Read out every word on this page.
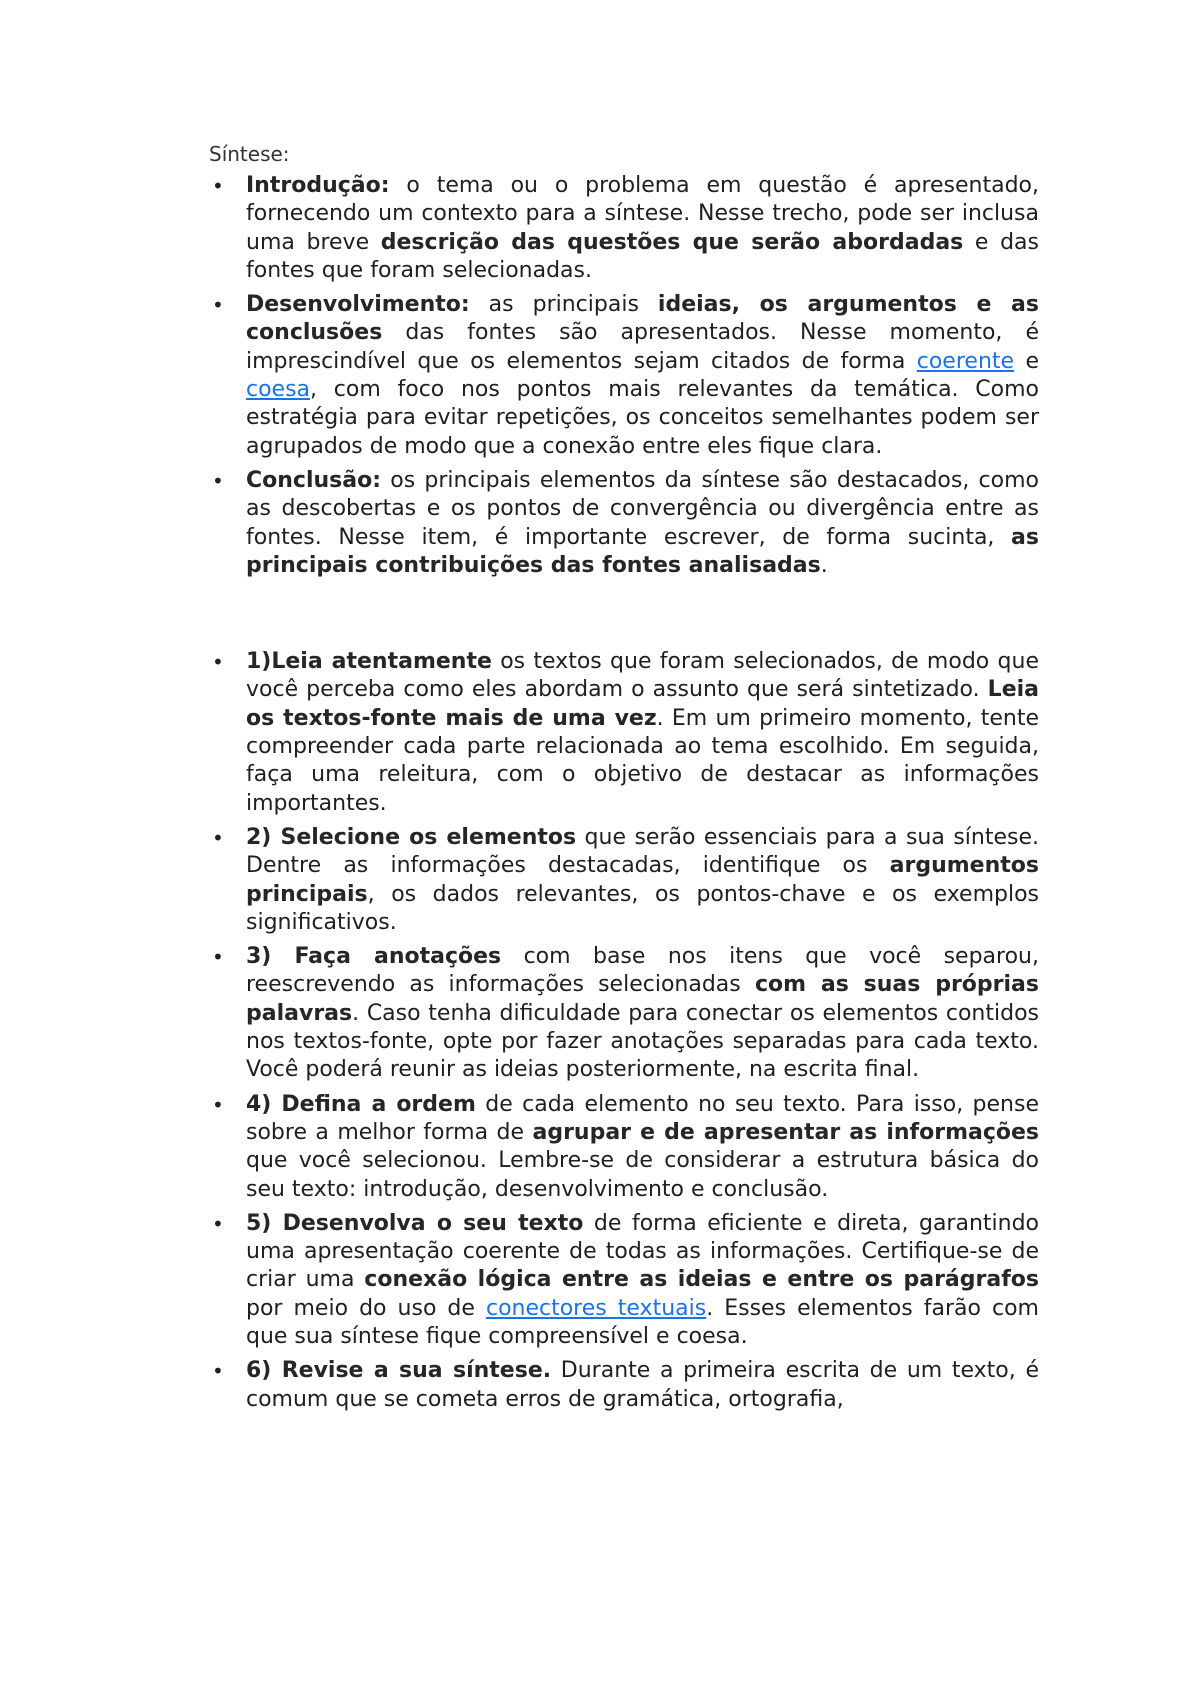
Síntese:
• Introdução: o tema ou o problema em questão é apresentado, fornecendo um contexto para a síntese. Nesse trecho, pode ser inclusa uma breve descrição das questões que serão abordadas e das fontes que foram selecionadas.
• Desenvolvimento: as principais ideias, os argumentos e as conclusões das fontes são apresentados. Nesse momento, é imprescindível que os elementos sejam citados de forma coerente e coesa, com foco nos pontos mais relevantes da temática. Como estratégia para evitar repetições, os conceitos semelhantes podem ser agrupados de modo que a conexão entre eles fique clara.
• Conclusão: os principais elementos da síntese são destacados, como as descobertas e os pontos de convergência ou divergência entre as fontes. Nesse item, é importante escrever, de forma sucinta, as principais contribuições das fontes analisadas.
• 1)Leia atentamente os textos que foram selecionados, de modo que você perceba como eles abordam o assunto que será sintetizado. Leia os textos-fonte mais de uma vez. Em um primeiro momento, tente compreender cada parte relacionada ao tema escolhido. Em seguida, faça uma releitura, com o objetivo de destacar as informações importantes.
• 2) Selecione os elementos que serão essenciais para a sua síntese. Dentre as informações destacadas, identifique os argumentos principais, os dados relevantes, os pontos-chave e os exemplos significativos.
• 3) Faça anotações com base nos itens que você separou, reescrevendo as informações selecionadas com as suas próprias palavras. Caso tenha dificuldade para conectar os elementos contidos nos textos-fonte, opte por fazer anotações separadas para cada texto. Você poderá reunir as ideias posteriormente, na escrita final.
• 4) Defina a ordem de cada elemento no seu texto. Para isso, pense sobre a melhor forma de agrupar e de apresentar as informações que você selecionou. Lembre-se de considerar a estrutura básica do seu texto: introdução, desenvolvimento e conclusão.
• 5) Desenvolva o seu texto de forma eficiente e direta, garantindo uma apresentação coerente de todas as informações. Certifique-se de criar uma conexão lógica entre as ideias e entre os parágrafos por meio do uso de conectores textuais. Esses elementos farão com que sua síntese fique compreensível e coesa.
• 6) Revise a sua síntese. Durante a primeira escrita de um texto, é comum que se cometa erros de gramática, ortografia,
